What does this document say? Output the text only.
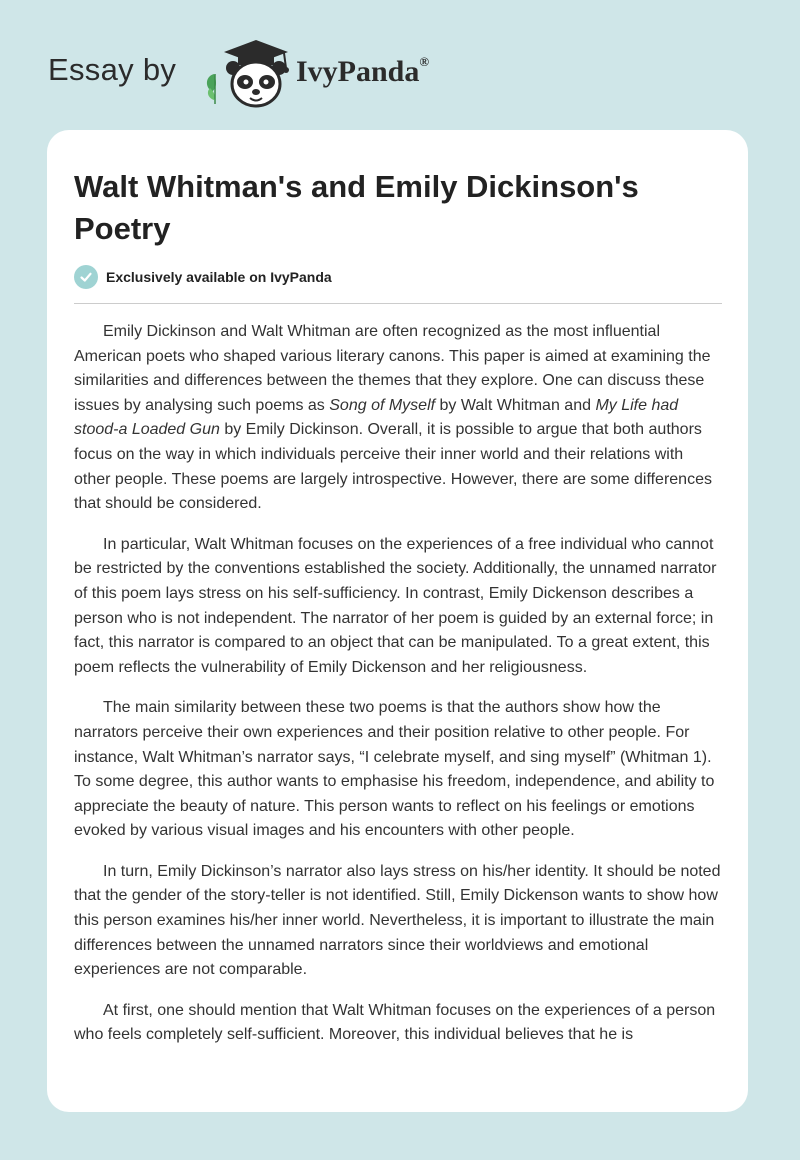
Essay by	IvyPanda®
Walt Whitman's and Emily Dickinson's Poetry
Exclusively available on IvyPanda

Emily Dickinson and Walt Whitman are often recognized as the most influential American poets who shaped various literary canons. This paper is aimed at examining the similarities and differences between the themes that they explore. One can discuss these issues by analysing such poems as Song of Myself by Walt Whitman and My Life had stood-a Loaded Gun by Emily Dickinson. Overall, it is possible to argue that both authors focus on the way in which individuals perceive their inner world and their relations with other people. These poems are largely introspective. However, there are some differences that should be considered.

In particular, Walt Whitman focuses on the experiences of a free individual who cannot be restricted by the conventions established the society. Additionally, the unnamed narrator of this poem lays stress on his self-sufficiency. In contrast, Emily Dickenson describes a person who is not independent. The narrator of her poem is guided by an external force; in fact, this narrator is compared to an object that can be manipulated. To a great extent, this poem reflects the vulnerability of Emily Dickenson and her religiousness.

The main similarity between these two poems is that the authors show how the narrators perceive their own experiences and their position relative to other people. For instance, Walt Whitman’s narrator says, “I celebrate myself, and sing myself” (Whitman 1). To some degree, this author wants to emphasise his freedom, independence, and ability to appreciate the beauty of nature. This person wants to reflect on his feelings or emotions evoked by various visual images and his encounters with other people.

In turn, Emily Dickinson’s narrator also lays stress on his/her identity. It should be noted that the gender of the story-teller is not identified. Still, Emily Dickenson wants to show how this person examines his/her inner world. Nevertheless, it is important to illustrate the main differences between the unnamed narrators since their worldviews and emotional experiences are not comparable.

At first, one should mention that Walt Whitman focuses on the experiences of a person who feels completely self-sufficient. Moreover, this individual believes that he is
